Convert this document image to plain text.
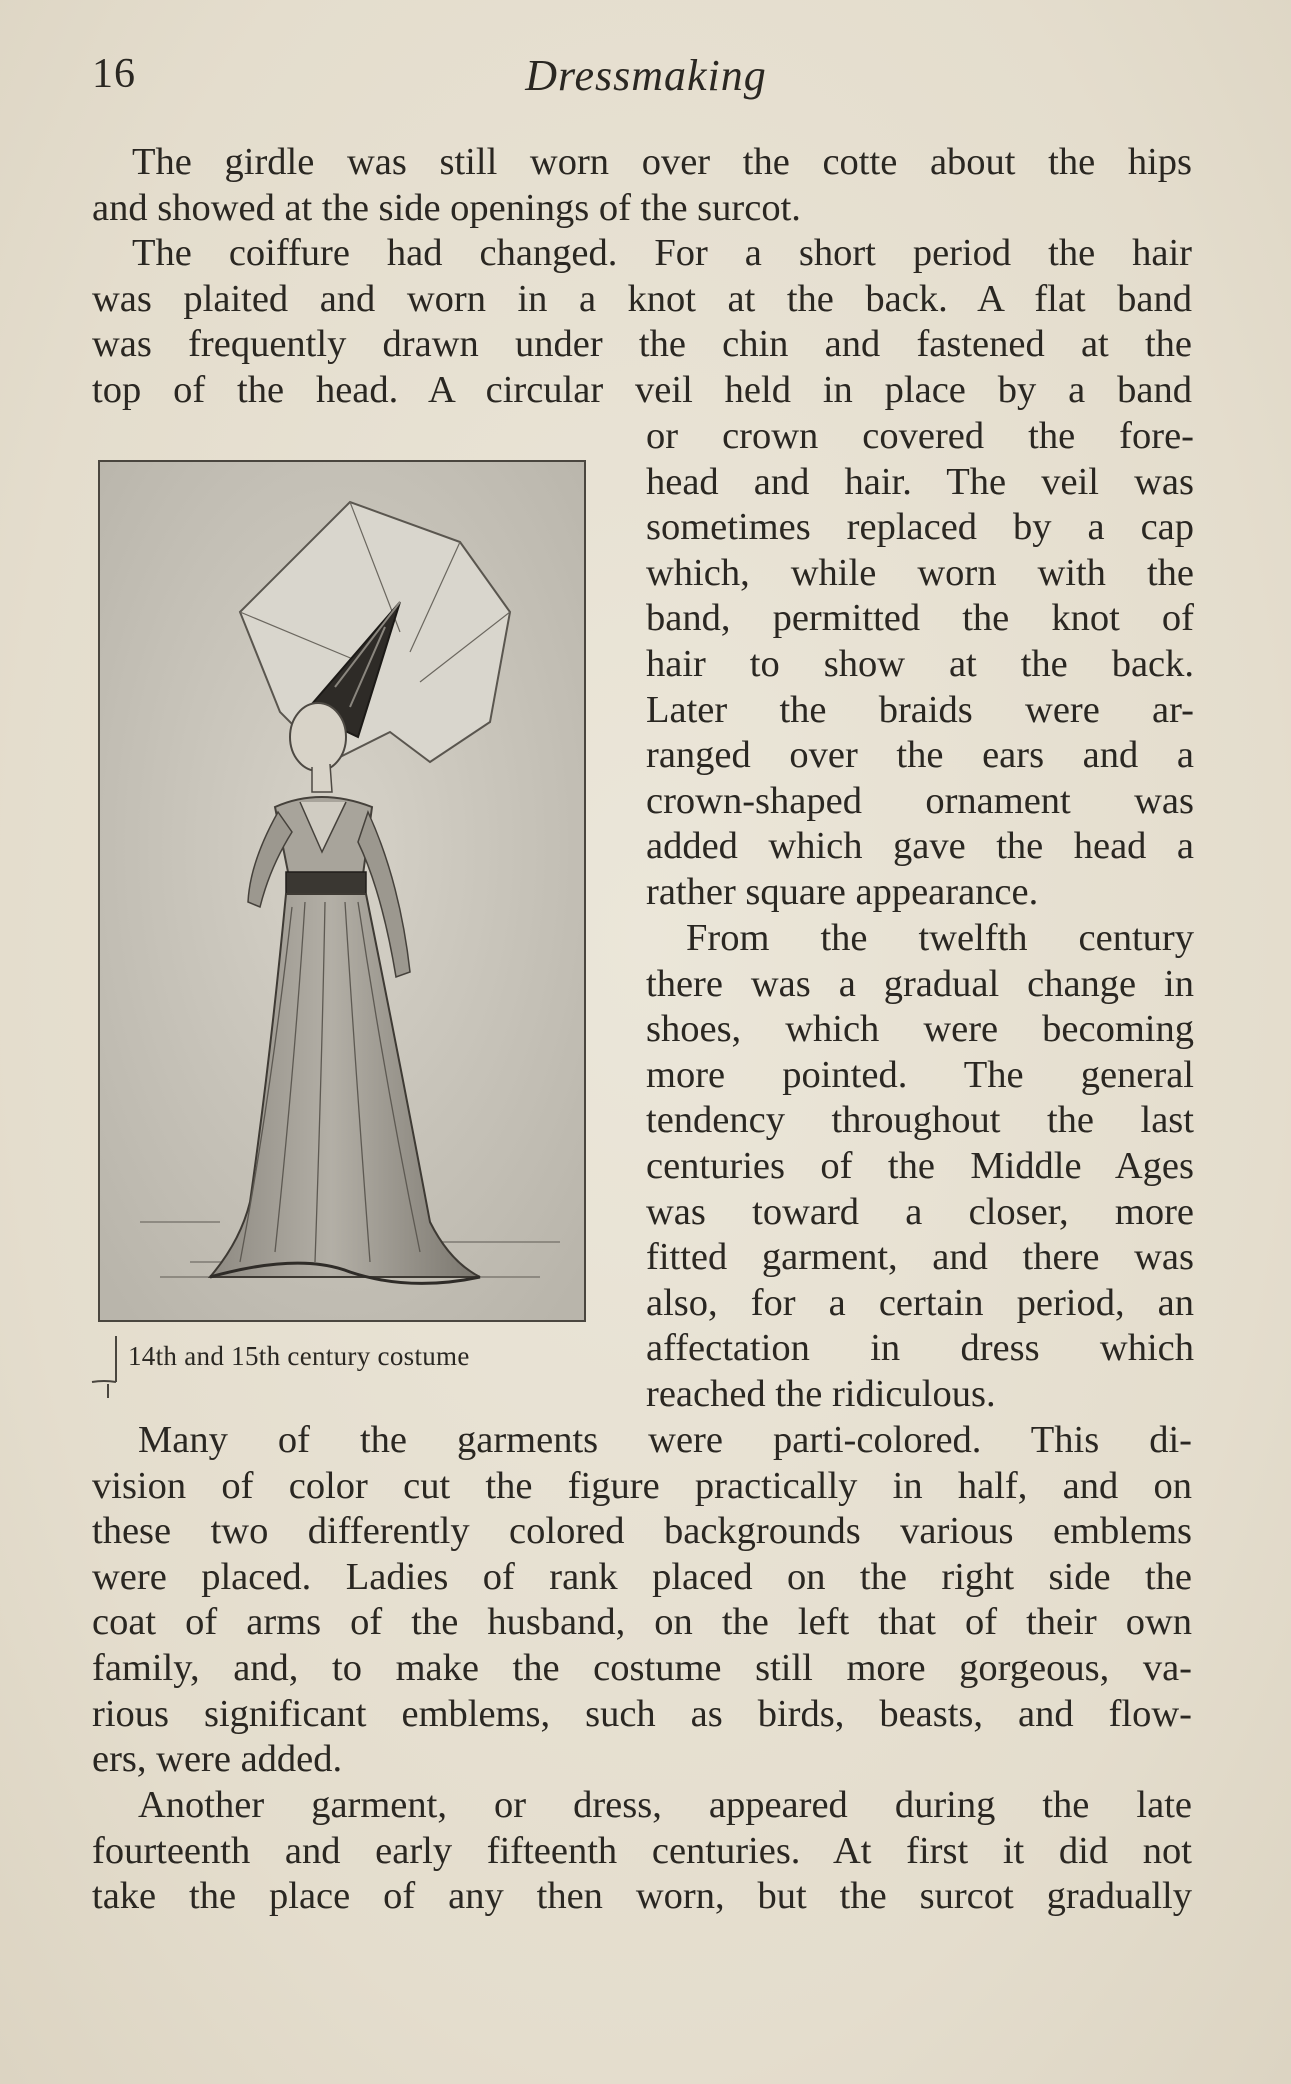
16	Dressmaking
The girdle was still worn over the cotte about the hips
and showed at the side openings of the surcot.
The coiffure had changed. For a short period the hair
was plaited and worn in a knot at the back. A flat band
was frequently drawn under the chin and fastened at the
top of the head. A circular veil held in place by a band
or crown covered the fore-
head and hair. The veil was
sometimes replaced by a cap
which, while worn with the
band, permitted the knot of
hair to show at the back.
Later the braids were ar-
ranged over the ears and a
crown-shaped ornament was
added which gave the head a
rather square appearance.
From the twelfth century
there was a gradual change in
shoes, which were becoming
more pointed. The general
tendency throughout the last
centuries of the Middle Ages
was toward a closer, more
fitted garment, and there was
also, for a certain period, an
affectation in dress which
reached the ridiculous.
Many of the garments were parti-colored. This di-
vision of color cut the figure practically in half, and on
these two differently colored backgrounds various emblems
were placed. Ladies of rank placed on the right side the
coat of arms of the husband, on the left that of their own
family, and, to make the costume still more gorgeous, va-
rious significant emblems, such as birds, beasts, and flow-
ers, were added.
Another garment, or dress, appeared during the late
fourteenth and early fifteenth centuries. At first it did not
take the place of any then worn, but the surcot gradually
14th and 15th century costume
